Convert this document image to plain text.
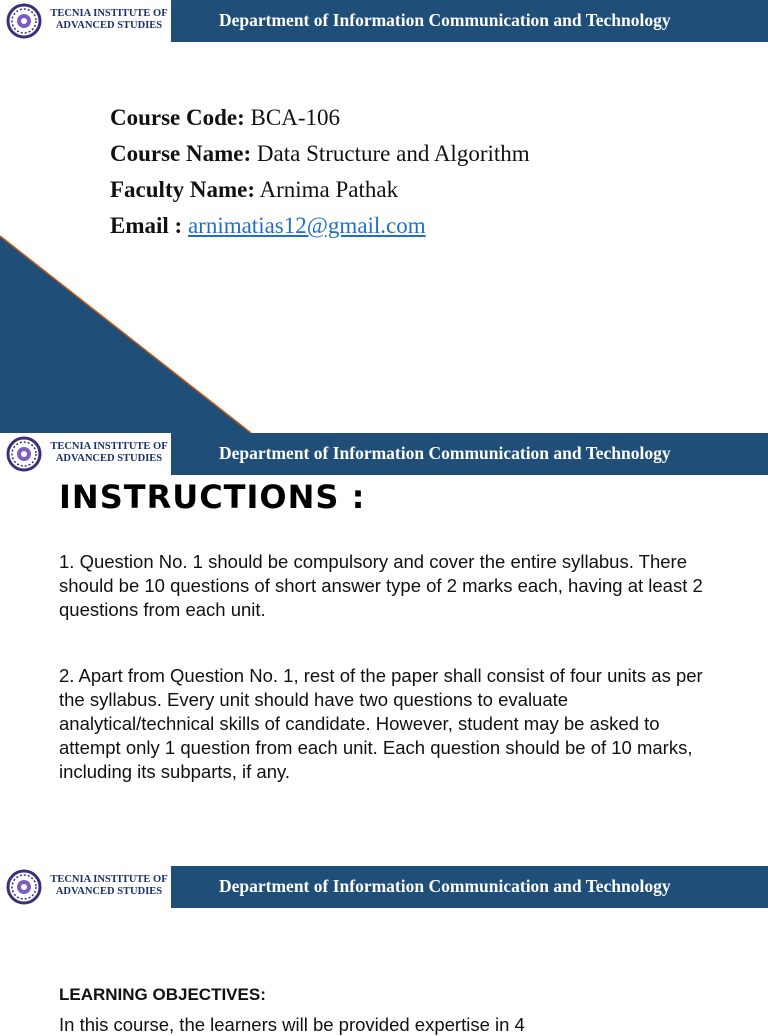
TECNIA INSTITUTE OF
ADVANCED STUDIES	Department of Information Communication and Technology
Course Code: BCA-106
Course Name: Data Structure and Algorithm
Faculty Name: Arnima Pathak
Email : arnimatias12@gmail.com
TECNIA INSTITUTE OF
ADVANCED STUDIES	Department of Information Communication and Technology
INSTRUCTIONS :

1. Question No. 1 should be compulsory and cover the entire syllabus. There should be 10 questions of short answer type of 2 marks each, having at least 2 questions from each unit.

2. Apart from Question No. 1, rest of the paper shall consist of four units as per the syllabus. Every unit should have two questions to evaluate analytical/technical skills of candidate. However, student may be asked to attempt only 1 question from each unit. Each question should be of 10 marks, including its subparts, if any.

TECNIA INSTITUTE OF
ADVANCED STUDIES	Department of Information Communication and Technology
LEARNING OBJECTIVES:
In this course, the learners will be provided expertise in 4
